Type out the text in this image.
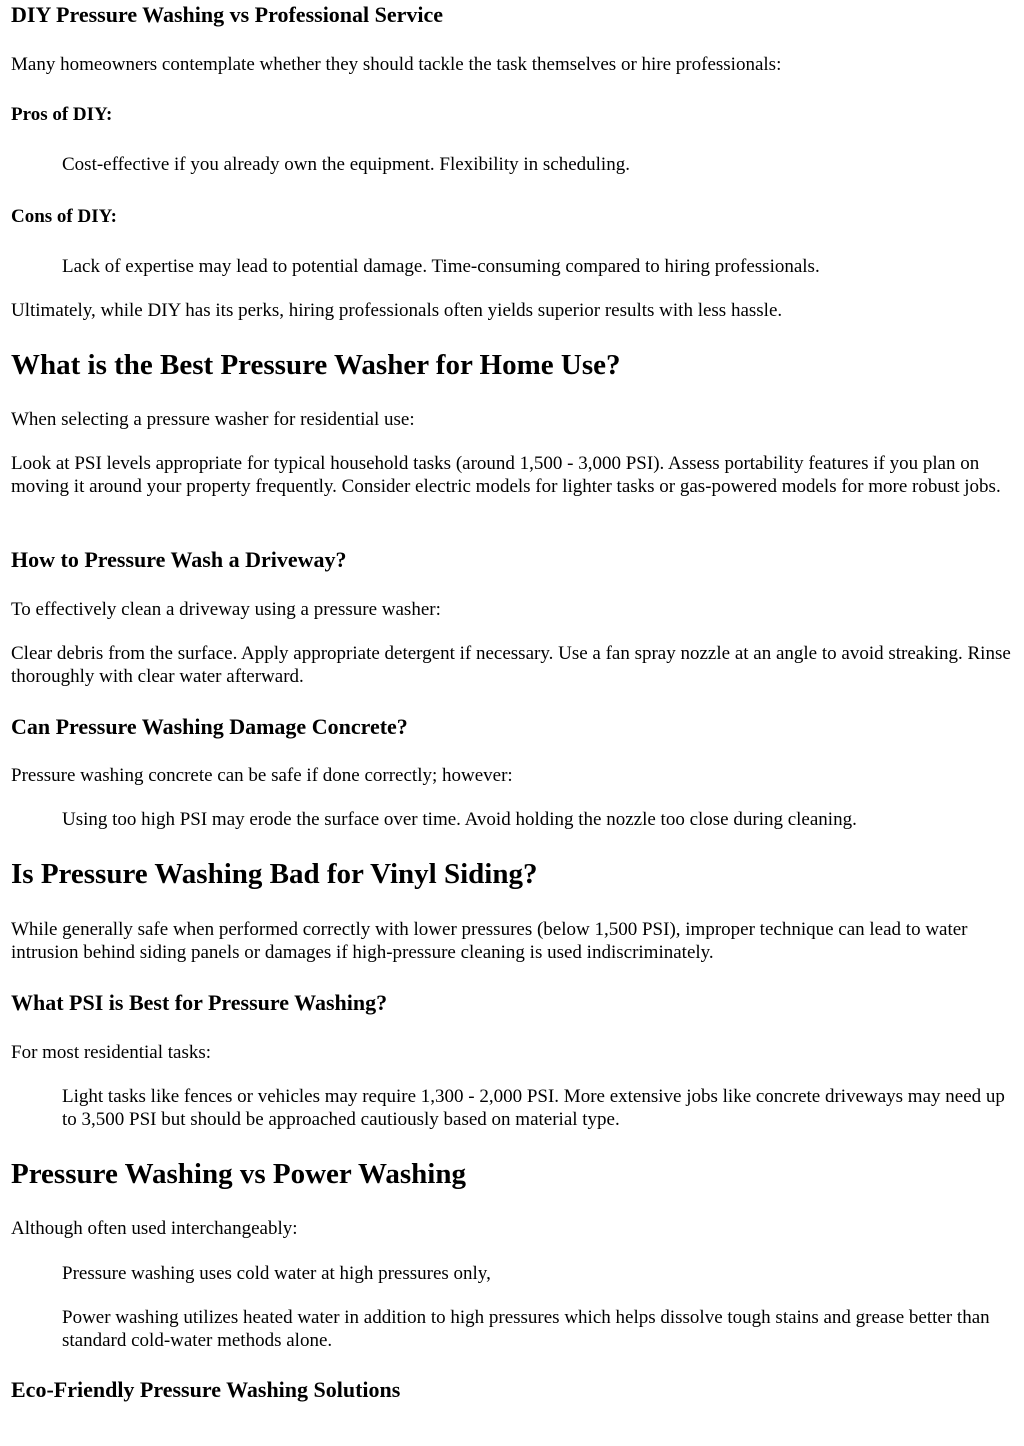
DIY Pressure Washing vs Professional Service

Many homeowners contemplate whether they should tackle the task themselves or hire professionals:

Pros of DIY:

Cost-effective if you already own the equipment. Flexibility in scheduling.

Cons of DIY:

Lack of expertise may lead to potential damage. Time-consuming compared to hiring professionals.

Ultimately, while DIY has its perks, hiring professionals often yields superior results with less hassle.

What is the Best Pressure Washer for Home Use?

When selecting a pressure washer for residential use:

Look at PSI levels appropriate for typical household tasks (around 1,500 - 3,000 PSI). Assess portability features if you plan on moving it around your property frequently. Consider electric models for lighter tasks or gas-powered models for more robust jobs.

How to Pressure Wash a Driveway?

To effectively clean a driveway using a pressure washer:

Clear debris from the surface. Apply appropriate detergent if necessary. Use a fan spray nozzle at an angle to avoid streaking. Rinse thoroughly with clear water afterward.

Can Pressure Washing Damage Concrete?

Pressure washing concrete can be safe if done correctly; however:

Using too high PSI may erode the surface over time. Avoid holding the nozzle too close during cleaning.
Is Pressure Washing Bad for Vinyl Siding?

While generally safe when performed correctly with lower pressures (below 1,500 PSI), improper technique can lead to water intrusion behind siding panels or damages if high-pressure cleaning is used indiscriminately.

What PSI is Best for Pressure Washing?

For most residential tasks:

Light tasks like fences or vehicles may require 1,300 - 2,000 PSI. More extensive jobs like concrete driveways may need up to 3,500 PSI but should be approached cautiously based on material type.
Pressure Washing vs Power Washing

Although often used interchangeably:

Pressure washing uses cold water at high pressures only,
Power washing utilizes heated water in addition to high pressures which helps dissolve tough stains and grease better than standard cold-water methods alone.
Eco-Friendly Pressure Washing Solutions
